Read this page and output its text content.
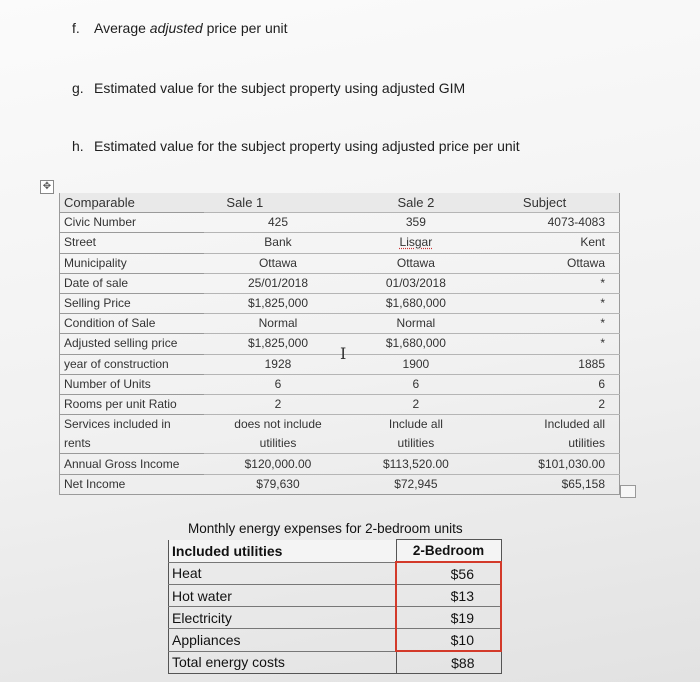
f. Average adjusted price per unit
g. Estimated value for the subject property using adjusted GIM
h. Estimated value for the subject property using adjusted price per unit
✥
Comparable	Sale 1	Sale 2	Subject
Civic Number	425	359	4073-4083
Street	Bank	Lisgar	Kent
Municipality	Ottawa	Ottawa	Ottawa
Date of sale	25/01/2018	01/03/2018	*
Selling Price	$1,825,000	$1,680,000	*
Condition of Sale	Normal	Normal	*
Adjusted selling price	$1,825,000	$1,680,000	*
year of construction	1928	1900	1885
Number of Units	6	6	6
Rooms per unit Ratio	2	2	2
Services included in	does not include	Include all	Included all
rents	utilities	utilities	utilities
Annual Gross Income	$120,000.00	$113,520.00	$101,030.00
Net Income	$79,630	$72,945	$65,158
I
Monthly energy expenses for 2-bedroom units
Included utilities	2-Bedroom
Heat	$56
Hot water	$13
Electricity	$19
Appliances	$10
Total energy costs	$88
